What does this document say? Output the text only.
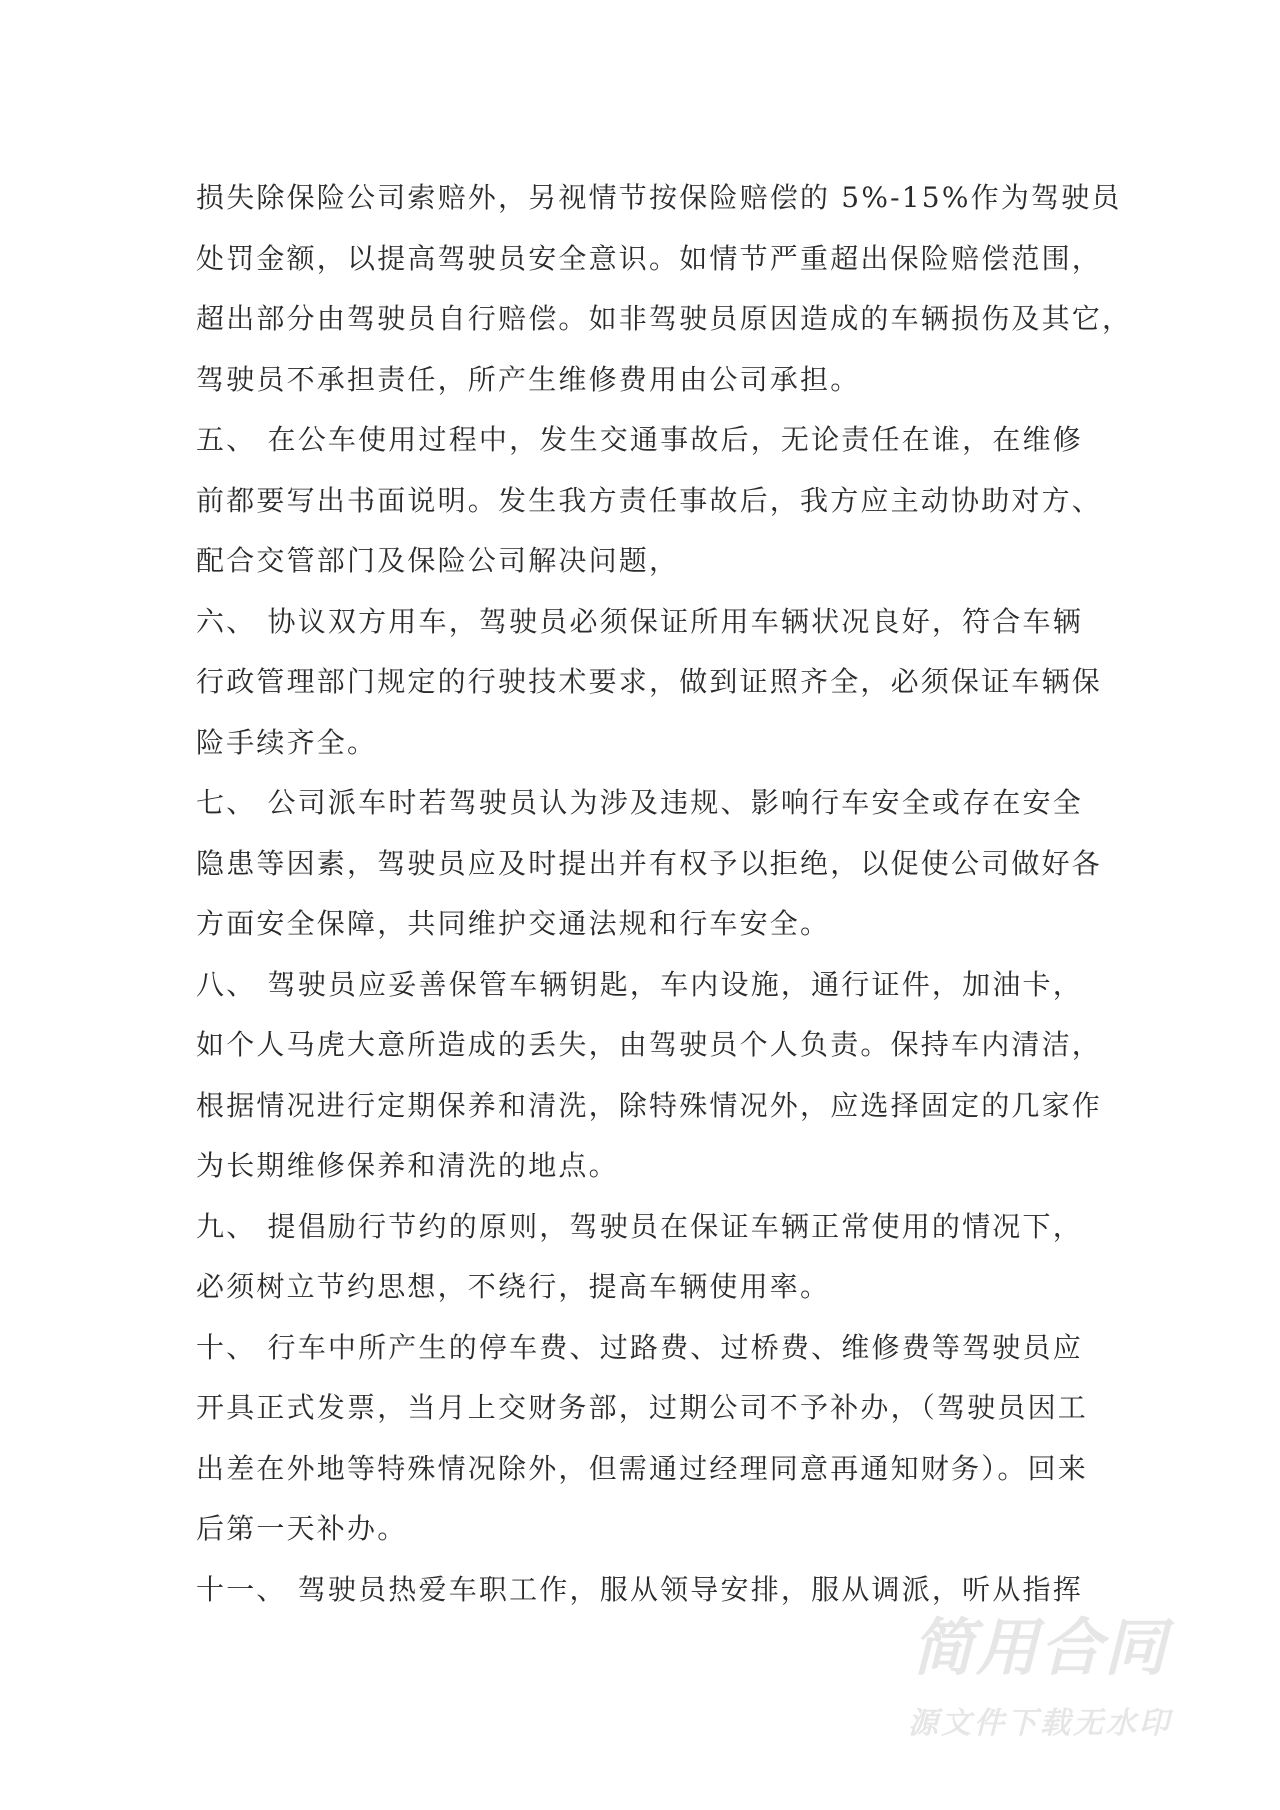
损失除保险公司索赔外，另视情节按保险赔偿的 5%-15%作为驾驶员
处罚金额，以提高驾驶员安全意识。如情节严重超出保险赔偿范围，
超出部分由驾驶员自行赔偿。如非驾驶员原因造成的车辆损伤及其它，
驾驶员不承担责任，所产生维修费用由公司承担。
五、 在公车使用过程中，发生交通事故后，无论责任在谁，在维修
前都要写出书面说明。发生我方责任事故后，我方应主动协助对方、
配合交管部门及保险公司解决问题，
六、 协议双方用车，驾驶员必须保证所用车辆状况良好，符合车辆
行政管理部门规定的行驶技术要求，做到证照齐全，必须保证车辆保
险手续齐全。
七、 公司派车时若驾驶员认为涉及违规、影响行车安全或存在安全
隐患等因素，驾驶员应及时提出并有权予以拒绝，以促使公司做好各
方面安全保障，共同维护交通法规和行车安全。
八、 驾驶员应妥善保管车辆钥匙，车内设施，通行证件，加油卡，
如个人马虎大意所造成的丢失，由驾驶员个人负责。保持车内清洁，
根据情况进行定期保养和清洗，除特殊情况外，应选择固定的几家作
为长期维修保养和清洗的地点。
九、 提倡励行节约的原则，驾驶员在保证车辆正常使用的情况下，
必须树立节约思想，不绕行，提高车辆使用率。
十、 行车中所产生的停车费、过路费、过桥费、维修费等驾驶员应
开具正式发票，当月上交财务部，过期公司不予补办，（驾驶员因工
出差在外地等特殊情况除外，但需通过经理同意再通知财务）。回来
后第一天补办。
十一、 驾驶员热爱车职工作，服从领导安排，服从调派，听从指挥
简用合同
源文件下载无水印
